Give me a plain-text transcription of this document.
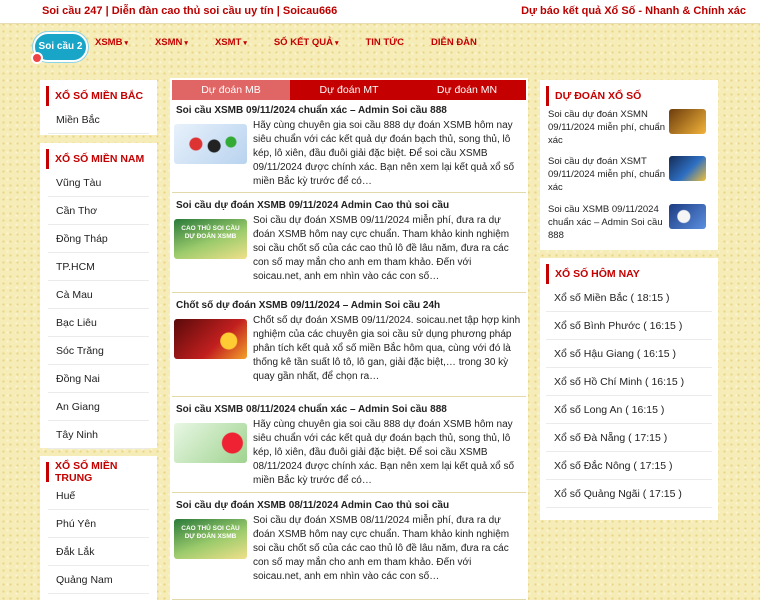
Soi cầu 247 | Diễn đàn cao thủ soi cầu uy tín | Soicau666	Dự báo kết quả Xổ Số - Nhanh & Chính xác
Soi cầu 2	XSMB ▾	XSMN ▾	XSMT ▾	SỐ KẾT QUẢ ▾	TIN TỨC	DIỄN ĐÀN
XỔ SỐ MIỀN BẮC
Miền Bắc
XỔ SỐ MIỀN NAM
Vũng Tàu
Cần Thơ
Đồng Tháp
TP.HCM
Cà Mau
Bạc Liêu
Sóc Trăng
Đồng Nai
An Giang
Tây Ninh
XỔ SỐ MIỀN TRUNG
Huế
Phú Yên
Đắk Lắk
Quảng Nam
Dự đoán MB	Dự đoán MT	Dự đoán MN
Soi cầu XSMB 09/11/2024 chuẩn xác – Admin Soi cầu 888
Hãy cùng chuyên gia soi cầu 888 dự đoán XSMB hôm nay siêu chuẩn với các kết quả dự đoán bạch thủ, song thủ, lô kép, lô xiên, đầu đuôi giải đặc biệt. Để soi cầu XSMB 09/11/2024 được chính xác. Bạn nên xem lại kết quả xổ số miền Bắc kỳ trước để có…
Soi cầu dự đoán XSMB 09/11/2024 Admin Cao thủ soi cầu
CAO THỦ SOI CẦU DỰ ĐOÁN XSMB
Soi cầu dự đoán XSMB 09/11/2024 miễn phí, đưa ra dự đoán XSMB hôm nay cực chuẩn. Tham khảo kinh nghiệm soi cầu chốt số của các cao thủ lô đề lâu năm, đưa ra các con số may mắn cho anh em tham khảo. Đến với soicau.net, anh em nhìn vào các con số…
Chốt số dự đoán XSMB 09/11/2024 – Admin Soi cầu 24h
Chốt số dự đoán XSMB 09/11/2024. soicau.net tập hợp kinh nghiệm của các chuyên gia soi cầu sử dụng phương pháp phân tích kết quả xổ số miền Bắc hôm qua, cùng với đó là thống kê tần suất lô tô, lô gan, giải đặc biệt,… trong 30 kỳ quay gần nhất, để chọn ra…
Soi cầu XSMB 08/11/2024 chuẩn xác – Admin Soi cầu 888
Hãy cùng chuyên gia soi cầu 888 dự đoán XSMB hôm nay siêu chuẩn với các kết quả dự đoán bạch thủ, song thủ, lô kép, lô xiên, đầu đuôi giải đặc biệt. Để soi cầu XSMB 08/11/2024 được chính xác. Bạn nên xem lại kết quả xổ số miền Bắc kỳ trước để có…
Soi cầu dự đoán XSMB 08/11/2024 Admin Cao thủ soi cầu
CAO THỦ SOI CẦU DỰ ĐOÁN XSMB
Soi cầu dự đoán XSMB 08/11/2024 miễn phí, đưa ra dự đoán XSMB hôm nay cực chuẩn. Tham khảo kinh nghiệm soi cầu chốt số của các cao thủ lô đề lâu năm, đưa ra các con số may mắn cho anh em tham khảo. Đến với soicau.net, anh em nhìn vào các con số…
DỰ ĐOÁN XỔ SỐ
Soi cầu dự đoán XSMN 09/11/2024 miễn phí, chuẩn xác
Soi cầu dự đoán XSMT 09/11/2024 miễn phí, chuẩn xác
Soi cầu XSMB 09/11/2024 chuẩn xác – Admin Soi cầu 888
XỔ SỐ HÔM NAY
Xổ số Miền Bắc ( 18:15 )
Xổ số Bình Phước ( 16:15 )
Xổ số Hậu Giang ( 16:15 )
Xổ số Hồ Chí Minh ( 16:15 )
Xổ số Long An ( 16:15 )
Xổ số Đà Nẵng ( 17:15 )
Xổ số Đắc Nông ( 17:15 )
Xổ số Quảng Ngãi ( 17:15 )
